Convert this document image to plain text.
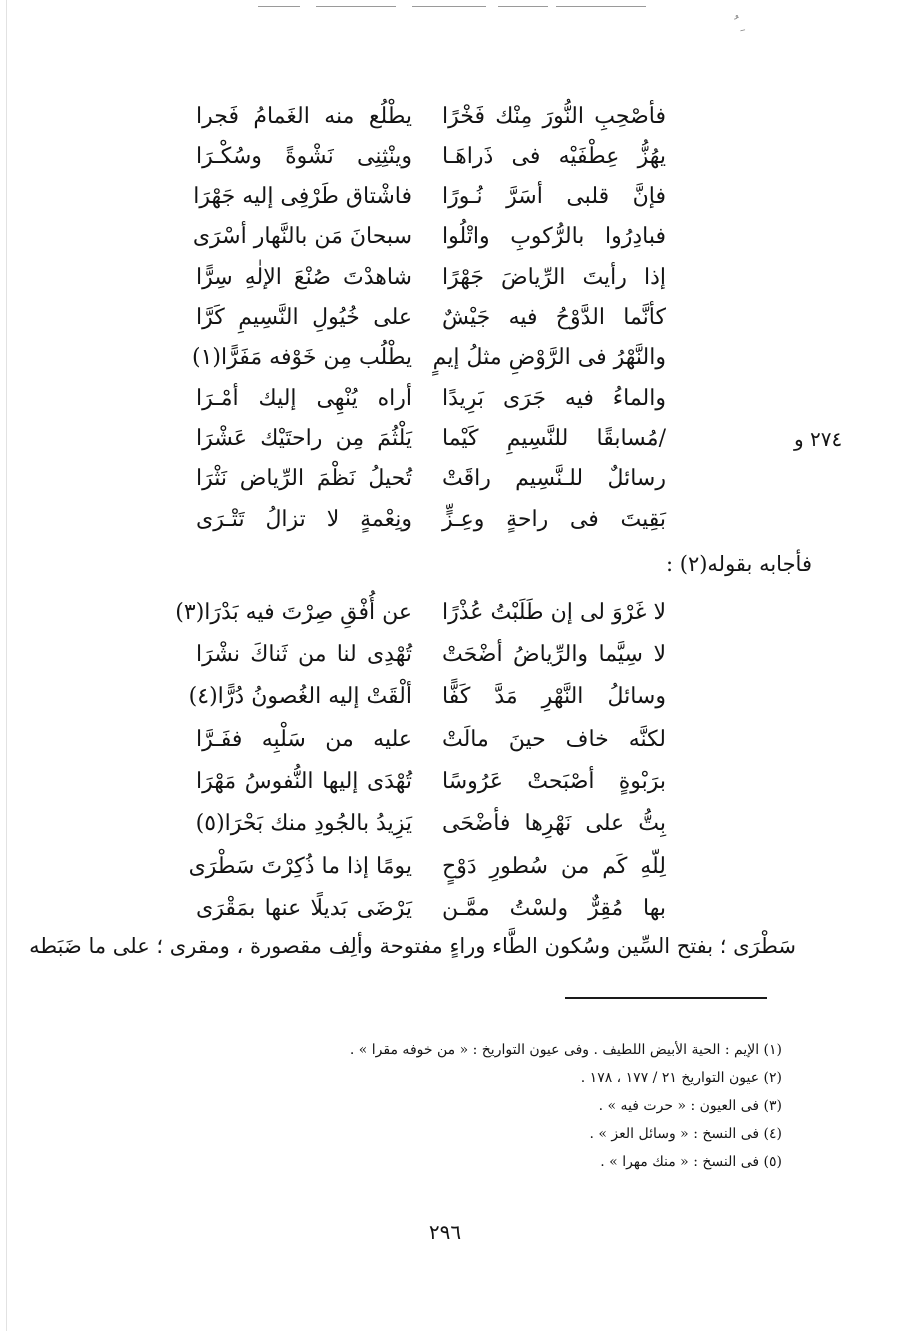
ِ ُ
فأصْحِبِ النُّورَ مِنْك فَخْرًا
يطْلُع منه الغَمامُ فَجرا
يهُزُّ عِطْفَيْه فى ذَراهَـا
وينْثِنِى نَشْوةً وسُكْـرَا
فإنَّ قلبى أسَرَّ نُـورًا
فاشْتاق طَرْفِى إليه جَهْرَا
فبادِرُوا بالرُّكوبِ واتْلُوا
سبحانَ مَن بالنَّهار أسْرَى
إذا رأيتَ الرِّياضَ جَهْرًا
شاهدْتَ صُنْعَ الإلٰهِ سِرًّا
كأنَّما الدَّوْحُ فيه جَيْشٌ
على خُيُولِ النَّسِيمِ كَرَّا
والنَّهْرُ فى الرَّوْضِ مثلُ إيمٍ
يطْلُب مِن خَوْفه مَفَرًّا(١)
والماءُ فيه جَرَى بَرِيدًا
أراه يُنْهِى إليك أمْـرَا
/مُسابقًا للنَّسِيمِ كَيْما
يَلْثُمَ مِن راحتَيْك عَشْرَا
رسائلٌ للـنَّسِيم راقَتْ
تُحيلُ نَظْمَ الرِّياض نَثْرَا
بَقِيتَ فى راحةٍ وعِـزٍّ
ونِعْمةٍ لا تزالُ تَتْـرَى
٢٧٤ و
فأجابه بقوله(٢) :
لا غَرْوَ لى إن طَلَبْتُ عُذْرًا
عن أُفْقِ صِرْتَ فيه بَدْرَا(٣)
لا سِيَّما والرِّياضُ أضْحَتْ
تُهْدِى لنا من ثَناكَ نشْرَا
وسائلُ النَّهْرِ مَدَّ كَفًّا
ألْقَتْ إليه الغُصونُ دُرًّا(٤)
لكنَّه خاف حينَ مالَتْ
عليه من سَلْبِه ففَـرَّا
برَبْوةٍ أصْبَحتْ عَرُوسًا
تُهْدَى إليها النُّفوسُ مَهْرَا
بِتُّ على نَهْرِها فأضْحَى
يَزِيدُ بالجُودِ منك بَحْرَا(٥)
لِلّهِ كَم من سُطورِ دَوْحٍ
يومًا إذا ما ذُكِرْتَ سَطْرَى
بها مُقِرٌّ ولسْتُ ممَّـن
يَرْضَى بَديلًا عنها بمَقْرَى
سَطْرَى ؛ بفتح السِّين وسُكون الطَّاء وراءٍ مفتوحة وألِف مقصورة ، ومقرى ؛ على ما ضَبَطه
(١) الإيم : الحية الأبيض اللطيف . وفى عيون التواريخ : « من خوفه مقرا » .
(٢) عيون التواريخ ٢١ / ١٧٧ ، ١٧٨ .
(٣) فى العيون : « حرت فيه » .
(٤) فى النسخ : « وسائل العز » .
(٥) فى النسخ : « منك مهرا » .
٢٩٦
